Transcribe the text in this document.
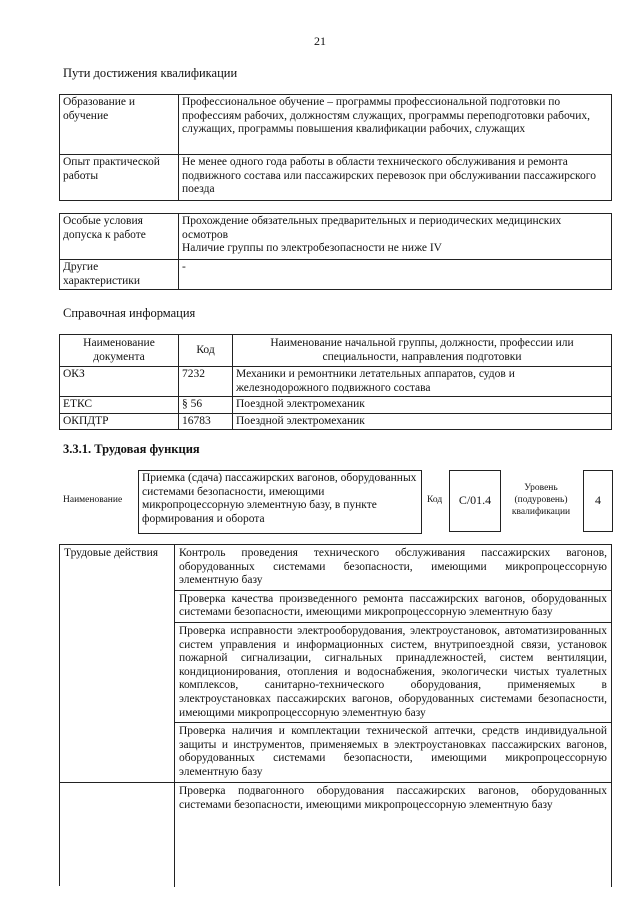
21
Пути достижения квалификации
Образование и обучение	Профессиональное обучение – программы профессиональной подготовки по профессиям рабочих, должностям служащих, программы переподготовки рабочих, служащих, программы повышения квалификации рабочих, служащих
Опыт практической работы	Не менее одного года работы в области технического обслуживания и ремонта подвижного состава или пассажирских перевозок при обслуживании пассажирского поезда
Особые условия допуска к работе	Прохождение обязательных предварительных и периодических медицинских осмотров
Наличие группы по электробезопасности не ниже IV

Другие характеристики	-
Справочная информация
Наименование документа	Код	Наименование начальной группы, должности, профессии или специальности, направления подготовки
ОКЗ	7232	Механики и ремонтники летательных аппаратов, судов и железнодорожного подвижного состава
ЕТКС	§ 56	Поездной электромеханик
ОКПДТР	16783	Поездной электромеханик
3.3.1. Трудовая функция
Наименование
Приемка (сдача) пассажирских вагонов, оборудованных системами безопасности, имеющими микропроцессорную элементную базу, в пункте формирования и оборота
Код	С/01.4
Уровень (подуровень) квалификации
4
Трудовые действия	Контроль проведения технического обслуживания пассажирских вагонов, оборудованных системами безопасности, имеющими микропроцессорную элементную базу
Проверка качества произведенного ремонта пассажирских вагонов, оборудованных системами безопасности, имеющими микропроцессорную элементную базу
Проверка исправности электрооборудования, электроустановок, автоматизированных систем управления и информационных систем, внутрипоездной связи, установок пожарной сигнализации, сигнальных принадлежностей, систем вентиляции, кондиционирования, отопления и водоснабжения, экологически чистых туалетных комплексов, санитарно-технического оборудования, применяемых в электроустановках пассажирских вагонов, оборудованных системами безопасности, имеющими микропроцессорную элементную базу
Проверка наличия и комплектации технической аптечки, средств индивидуальной защиты и инструментов, применяемых в электроустановках пассажирских вагонов, оборудованных системами безопасности, имеющими микропроцессорную элементную базу
Проверка подвагонного оборудования пассажирских вагонов, оборудованных системами безопасности, имеющими микропроцессорную элементную базу
